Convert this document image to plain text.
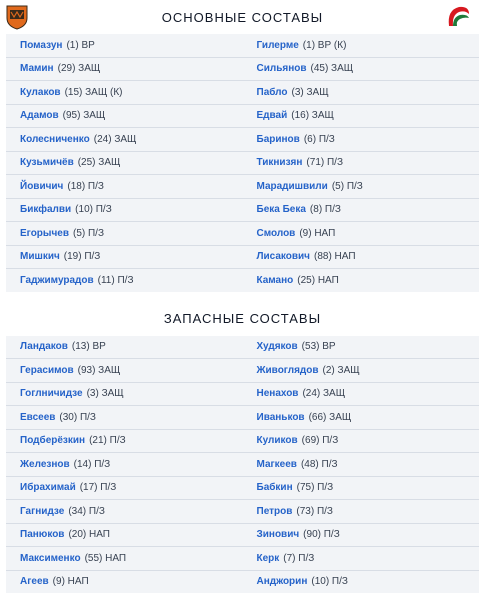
ОСНОВНЫЕ СОСТАВЫ
Помазун (1) ВР
Мамин (29) ЗАЩ
Кулаков (15) ЗАЩ (К)
Адамов (95) ЗАЩ
Колесниченко (24) ЗАЩ
Кузьмичёв (25) ЗАЩ
Йовичич (18) П/З
Бикфалви (10) П/З
Егорычев (5) П/З
Мишкич (19) П/З
Гаджимурадов (11) П/З
Гилерме (1) ВР (К)
Сильянов (45) ЗАЩ
Пабло (3) ЗАЩ
Едвай (16) ЗАЩ
Баринов (6) П/З
Тикнизян (71) П/З
Марадишвили (5) П/З
Бека Бека (8) П/З
Смолов (9) НАП
Лисакович (88) НАП
Камано (25) НАП
ЗАПАСНЫЕ СОСТАВЫ
Ландаков (13) ВР
Герасимов (93) ЗАЩ
Гоглничидзе (3) ЗАЩ
Евсеев (30) П/З
Подберёзкин (21) П/З
Железнов (14) П/З
Ибрахимай (17) П/З
Гагнидзе (34) П/З
Панюков (20) НАП
Максименко (55) НАП
Агеев (9) НАП
Худяков (53) ВР
Живоглядов (2) ЗАЩ
Ненахов (24) ЗАЩ
Иваньков (66) ЗАЩ
Куликов (69) П/З
Магкеев (48) П/З
Бабкин (75) П/З
Петров (73) П/З
Зинович (90) П/З
Керк (7) П/З
Анджорин (10) П/З
